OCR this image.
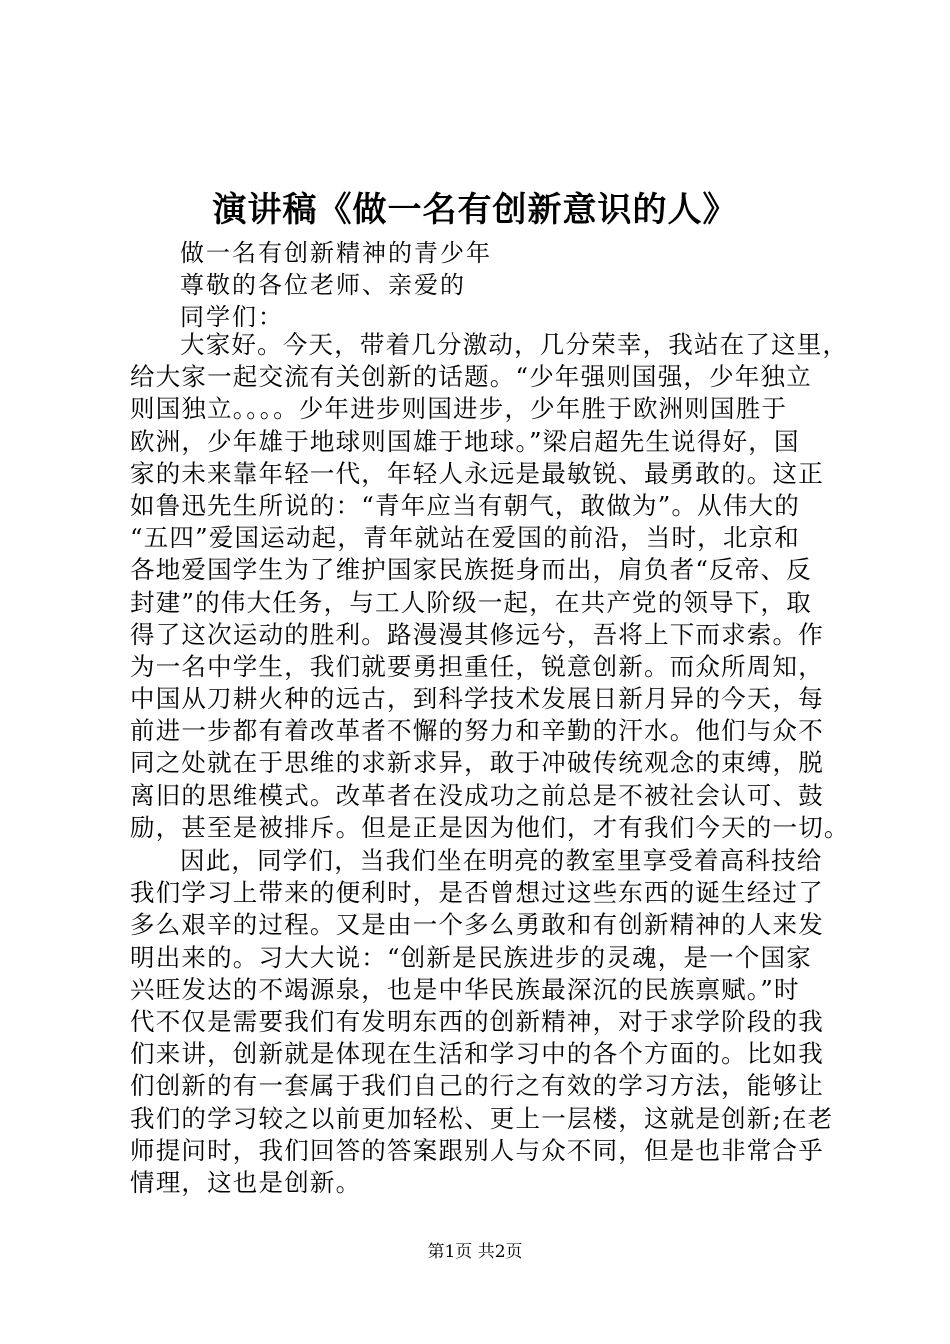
演讲稿《做一名有创新意识的人》
做一名有创新精神的青少年
尊敬的各位老师、亲爱的
同学们：
大家好。今天，带着几分激动，几分荣幸，我站在了这里，
给大家一起交流有关创新的话题。“少年强则国强，少年独立
则国独立。。。。少年进步则国进步，少年胜于欧洲则国胜于
欧洲，少年雄于地球则国雄于地球。”梁启超先生说得好，国
家的未来靠年轻一代，年轻人永远是最敏锐、最勇敢的。这正
如鲁迅先生所说的：“青年应当有朝气，敢做为”。从伟大的
“五四”爱国运动起，青年就站在爱国的前沿，当时，北京和
各地爱国学生为了维护国家民族挺身而出，肩负者“反帝、反
封建”的伟大任务，与工人阶级一起，在共产党的领导下，取
得了这次运动的胜利。路漫漫其修远兮，吾将上下而求索。作
为一名中学生，我们就要勇担重任，锐意创新。而众所周知，
中国从刀耕火种的远古，到科学技术发展日新月异的今天，每
前进一步都有着改革者不懈的努力和辛勤的汗水。他们与众不
同之处就在于思维的求新求异，敢于冲破传统观念的束缚，脱
离旧的思维模式。改革者在没成功之前总是不被社会认可、鼓
励，甚至是被排斥。但是正是因为他们，才有我们今天的一切。
因此，同学们，当我们坐在明亮的教室里享受着高科技给
我们学习上带来的便利时，是否曾想过这些东西的诞生经过了
多么艰辛的过程。又是由一个多么勇敢和有创新精神的人来发
明出来的。习大大说：“创新是民族进步的灵魂，是一个国家
兴旺发达的不竭源泉，也是中华民族最深沉的民族禀赋。”时
代不仅是需要我们有发明东西的创新精神，对于求学阶段的我
们来讲，创新就是体现在生活和学习中的各个方面的。比如我
们创新的有一套属于我们自己的行之有效的学习方法，能够让
我们的学习较之以前更加轻松、更上一层楼，这就是创新;在老
师提问时，我们回答的答案跟别人与众不同，但是也非常合乎
情理，这也是创新。
第1页 共2页
